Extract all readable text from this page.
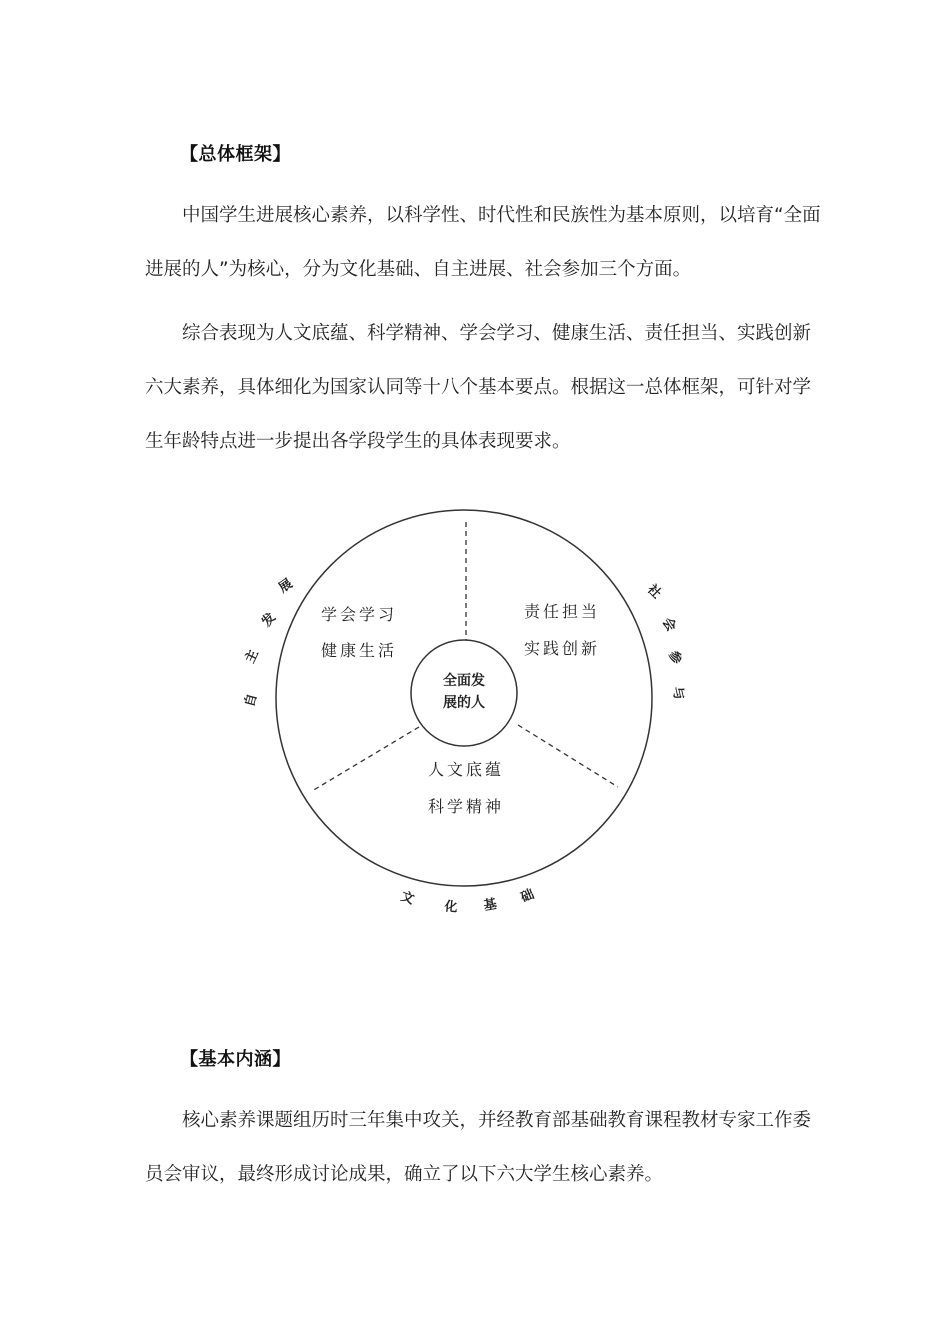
【总体框架】
中国学生进展核心素养，以科学性、时代性和民族性为基本原则，以培育“全面进展的人”为核心，分为文化基础、自主进展、社会参加三个方面。
综合表现为人文底蕴、科学精神、学会学习、健康生活、责任担当、实践创新六大素养，具体细化为国家认同等十八个基本要点。根据这一总体框架，可针对学生年龄特点进一步提出各学段学生的具体表现要求。
全面发
展的人
学会学习
健康生活
责任担当
实践创新
人文底蕴
科学精神
自
主
发
展	社
会
参
与
文 化 基 础
【基本内涵】
核心素养课题组历时三年集中攻关，并经教育部基础教育课程教材专家工作委员会审议，最终形成讨论成果，确立了以下六大学生核心素养。
